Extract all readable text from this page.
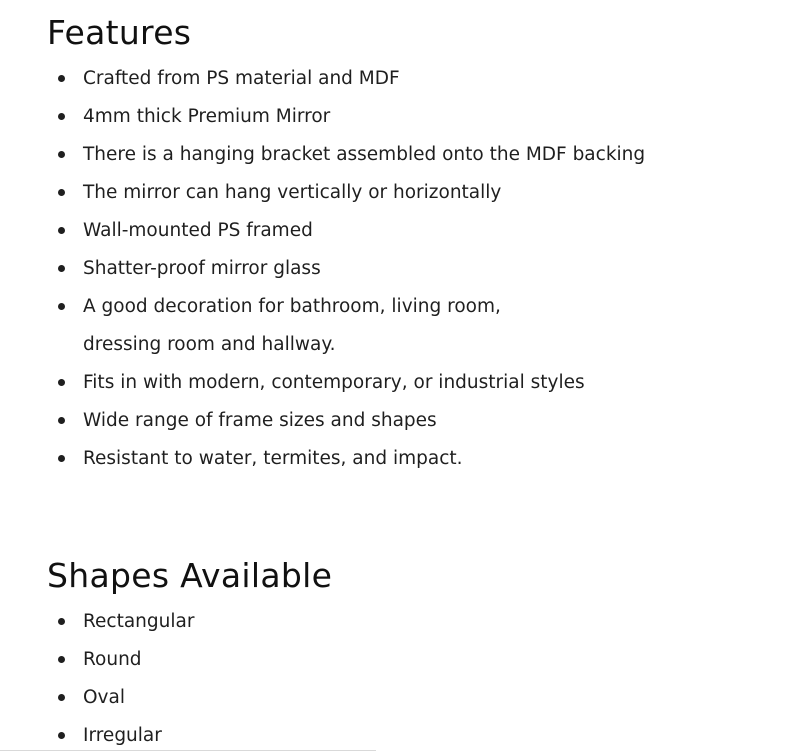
Features
Crafted from PS material and MDF
4mm thick Premium Mirror
There is a hanging bracket assembled onto the MDF backing
The mirror can hang vertically or horizontally
Wall-mounted PS framed
Shatter-proof mirror glass
A good decoration for bathroom, living room,
dressing room and hallway.
Fits in with modern, contemporary, or industrial styles
Wide range of frame sizes and shapes
Resistant to water, termites, and impact.
Shapes Available
Rectangular
Round
Oval
Irregular
